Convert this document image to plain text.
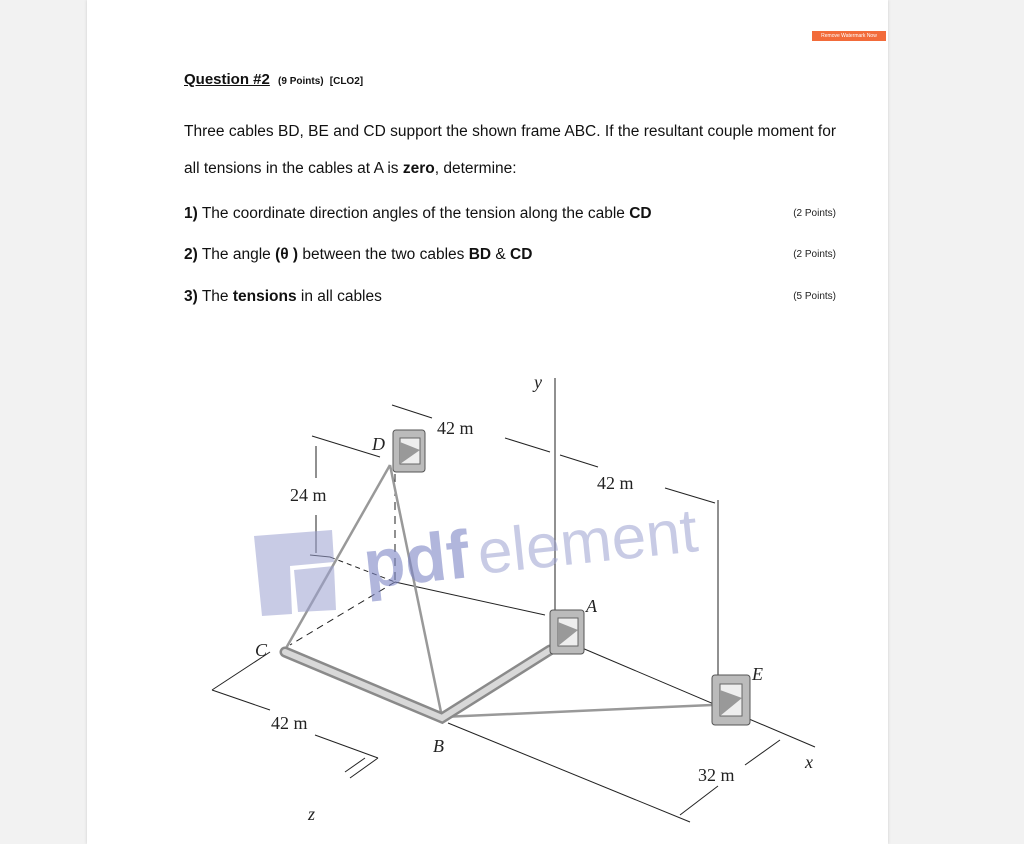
Remove Watermark Now
Question #2 (9 Points) [CLO2]
Three cables BD, BE and CD support the shown frame ABC. If the resultant couple moment for all tensions in the cables at A is zero, determine:
1) The coordinate direction angles of the tension along the cable CD	(2 Points)
2) The angle (θ ) between the two cables BD & CD	(2 Points)
3) The tensions in all cables	(5 Points)
y
x
z
A
B
C
D
E
42 m
42 m
24 m
42 m
32 m
pdf element
